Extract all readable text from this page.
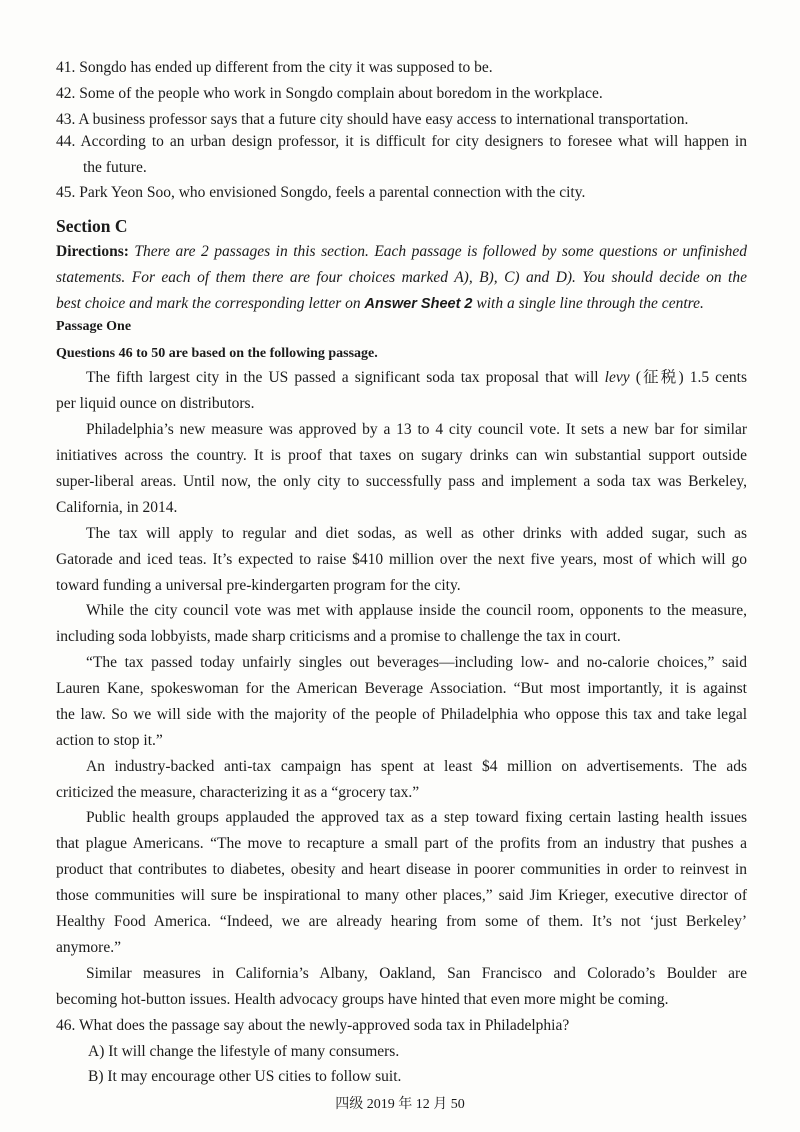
41. Songdo has ended up different from the city it was supposed to be.
42. Some of the people who work in Songdo complain about boredom in the workplace.
43. A business professor says that a future city should have easy access to international transportation.
44. According to an urban design professor, it is difficult for city designers to foresee what will happen in
the future.
45. Park Yeon Soo, who envisioned Songdo, feels a parental connection with the city.
Section C
Directions: There are 2 passages in this section. Each passage is followed by some questions or unfinished
statements. For each of them there are four choices marked A), B), C) and D). You should decide on the
best choice and mark the corresponding letter on Answer Sheet 2 with a single line through the centre.
Passage One
Questions 46 to 50 are based on the following passage.
The fifth largest city in the US passed a significant soda tax proposal that will levy (征税) 1.5 cents
per liquid ounce on distributors.
Philadelphia’s new measure was approved by a 13 to 4 city council vote. It sets a new bar for similar
initiatives across the country. It is proof that taxes on sugary drinks can win substantial support outside
super-liberal areas. Until now, the only city to successfully pass and implement a soda tax was Berkeley,
California, in 2014.
The tax will apply to regular and diet sodas, as well as other drinks with added sugar, such as
Gatorade and iced teas. It’s expected to raise $410 million over the next five years, most of which will go
toward funding a universal pre-kindergarten program for the city.
While the city council vote was met with applause inside the council room, opponents to the measure,
including soda lobbyists, made sharp criticisms and a promise to challenge the tax in court.
“The tax passed today unfairly singles out beverages—including low- and no-calorie choices,” said
Lauren Kane, spokeswoman for the American Beverage Association. “But most importantly, it is against
the law. So we will side with the majority of the people of Philadelphia who oppose this tax and take legal
action to stop it.”
An industry-backed anti-tax campaign has spent at least $4 million on advertisements. The ads
criticized the measure, characterizing it as a “grocery tax.”
Public health groups applauded the approved tax as a step toward fixing certain lasting health issues
that plague Americans. “The move to recapture a small part of the profits from an industry that pushes a
product that contributes to diabetes, obesity and heart disease in poorer communities in order to reinvest in
those communities will sure be inspirational to many other places,” said Jim Krieger, executive director of
Healthy Food America. “Indeed, we are already hearing from some of them. It’s not ‘just Berkeley’
anymore.”
Similar measures in California’s Albany, Oakland, San Francisco and Colorado’s Boulder are
becoming hot-button issues. Health advocacy groups have hinted that even more might be coming.
46. What does the passage say about the newly-approved soda tax in Philadelphia?
A) It will change the lifestyle of many consumers.
B) It may encourage other US cities to follow suit.
四级 2019 年 12 月 50
